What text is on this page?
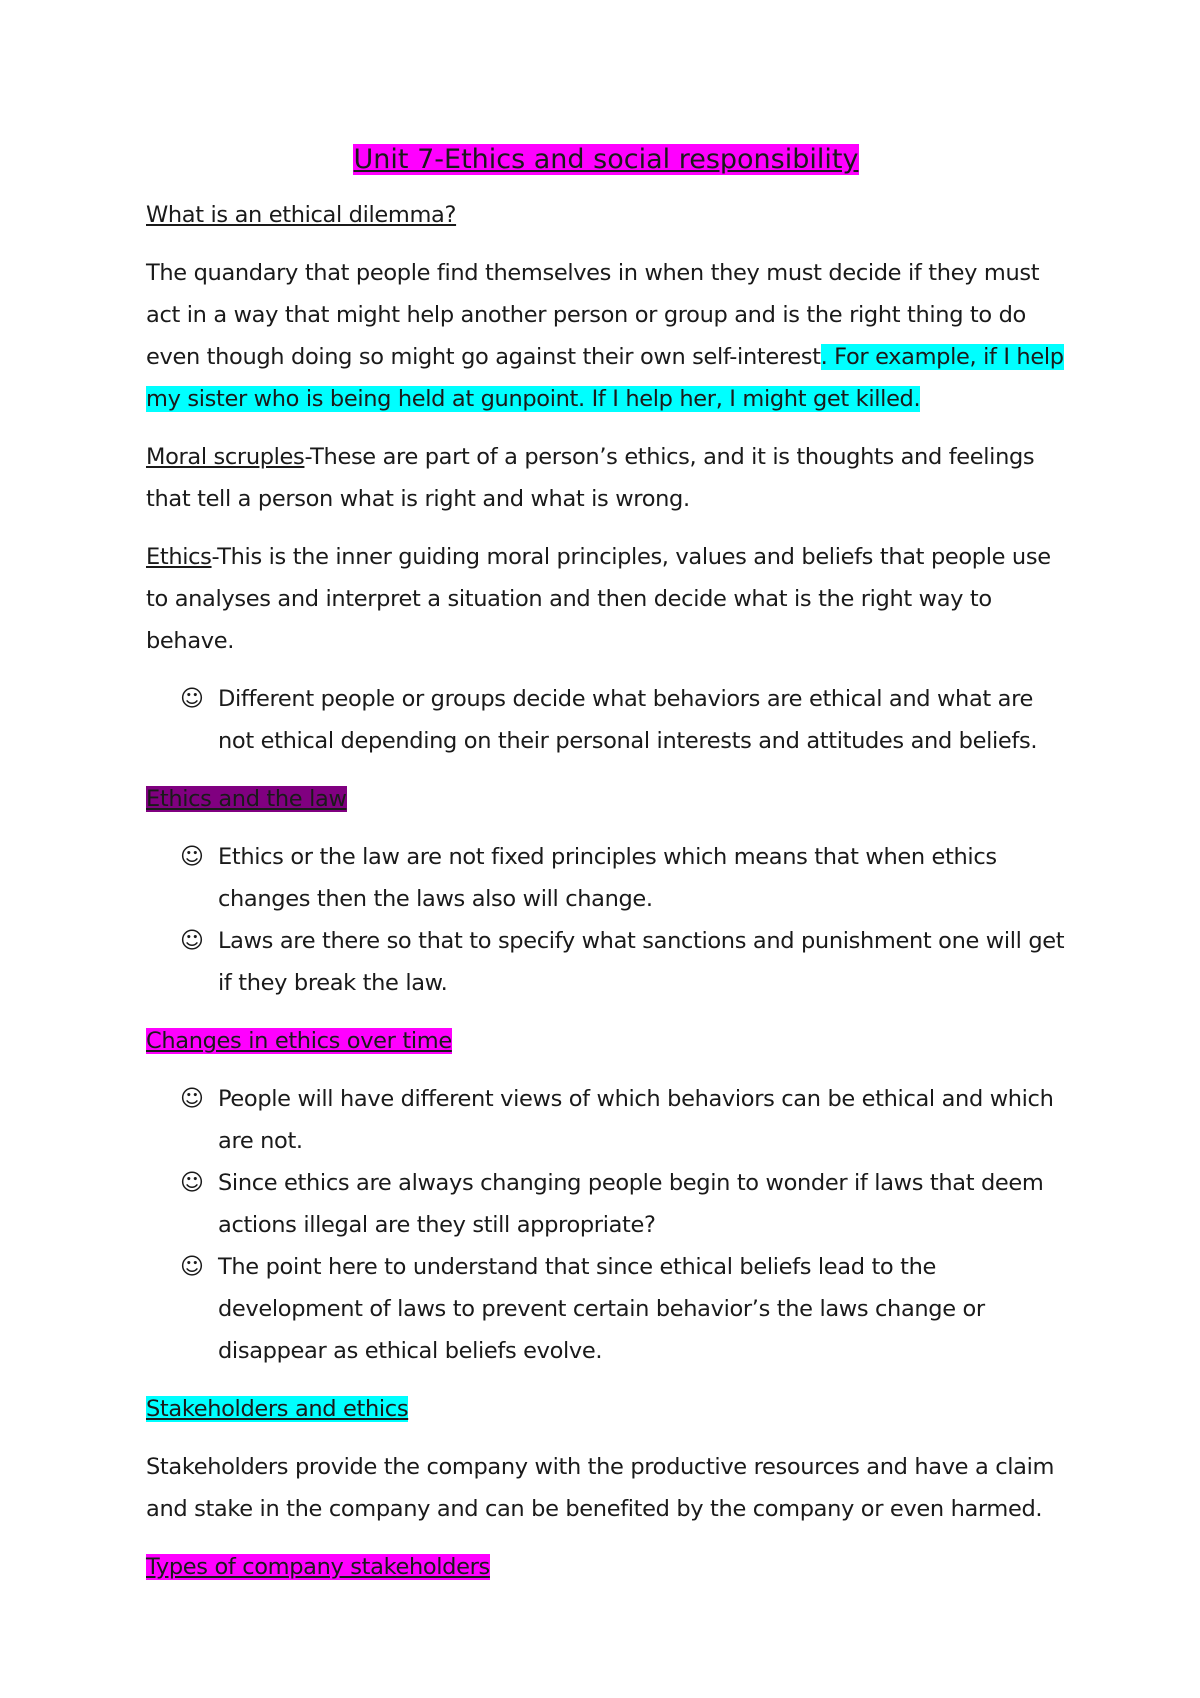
Unit 7-Ethics and social responsibility

What is an ethical dilemma?

The quandary that people find themselves in when they must decide if they must act in a way that might help another person or group and is the right thing to do even though doing so might go against their own self-interest. For example, if I help my sister who is being held at gunpoint. If I help her, I might get killed.

Moral scruples-These are part of a person’s ethics, and it is thoughts and feelings that tell a person what is right and what is wrong.

Ethics-This is the inner guiding moral principles, values and beliefs that people use to analyses and interpret a situation and then decide what is the right way to behave.

☺ Different people or groups decide what behaviors are ethical and what are not ethical depending on their personal interests and attitudes and beliefs.

Ethics and the law

☺ Ethics or the law are not fixed principles which means that when ethics changes then the laws also will change.
☺ Laws are there so that to specify what sanctions and punishment one will get if they break the law.

Changes in ethics over time

☺ People will have different views of which behaviors can be ethical and which are not.
☺ Since ethics are always changing people begin to wonder if laws that deem actions illegal are they still appropriate?
☺ The point here to understand that since ethical beliefs lead to the development of laws to prevent certain behavior’s the laws change or disappear as ethical beliefs evolve.

Stakeholders and ethics

Stakeholders provide the company with the productive resources and have a claim and stake in the company and can be benefited by the company or even harmed.

Types of company stakeholders
